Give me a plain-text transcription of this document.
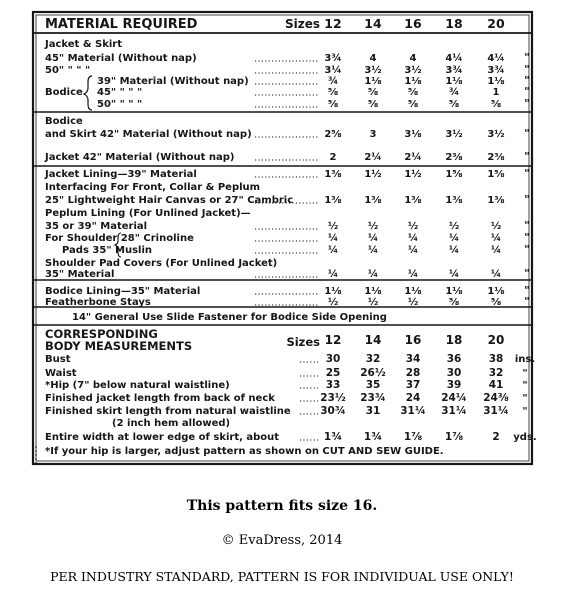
MATERIAL REQUIRED	Sizes 12 14 16 18 20
Jacket & Skirt
45" Material (Without nap)	3¾	4	4	4¼ 4¼ "
50" " " "	3¼ 3½ 3½ 3¾ 3¾ "
39" Material (Without nap)	¾	1⅛ 1⅛ 1⅛ 1⅛ "
Bodice 45" " " "	⅝	⅝	⅝	¾	1 "
50" " " "	⅝	⅝	⅝	⅝	⅝ "
Bodice
and Skirt 42" Material (Without nap)	2⅝	3	3⅛ 3½ 3½ "
Jacket 42" Material (Without nap)	2	2¼ 2¼ 2⅜ 2⅜ "
Jacket Lining—39" Material	1⅜ 1½ 1½ 1⅝ 1⅝ "
Interfacing For Front, Collar & Peplum
25" Lightweight Hair Canvas or 27" Cambric	1⅜ 1⅜ 1⅜ 1⅜ 1⅜ "
Peplum Lining (For Unlined Jacket)—
35 or 39" Material	½	½	½	½	½ "
For Shoulder 28" Crinoline	¼	¼	¼	¼	¼ "
Pads 35" Muslin	¼	¼	¼	¼	¼ "
Shoulder Pad Covers (For Unlined Jacket)
35" Material	¼	¼	¼	¼	¼ "
Bodice Lining—35" Material	1⅛ 1⅛ 1⅛ 1⅛ 1⅛ "
Featherbone Stays	½	½	½	⅝	⅝ "
14" General Use Slide Fastener for Bodice Side Opening
CORRESPONDING
BODY MEASUREMENTS	Sizes 12 14 16 18 20
Bust	30 32 34	36	38 ins.
Waist	25 26½ 28	30	32 "
*Hip (7" below natural waistline)	33 35 37	39	41 "
Finished jacket length from back of neck	23½ 23¾ 24 24¼ 24⅜ "
Finished skirt length from natural waistline	30¾ 31 31¼ 31¼ 31¼ "
(2 inch hem allowed)
Entire width at lower edge of skirt, about	1¾ 1¾ 1⅞ 1⅞	2 yds.
*If your hip is larger, adjust pattern as shown on CUT AND SEW GUIDE.
This pattern fits size 16.
© EvaDress, 2014
PER INDUSTRY STANDARD, PATTERN IS FOR INDIVIDUAL USE ONLY!
